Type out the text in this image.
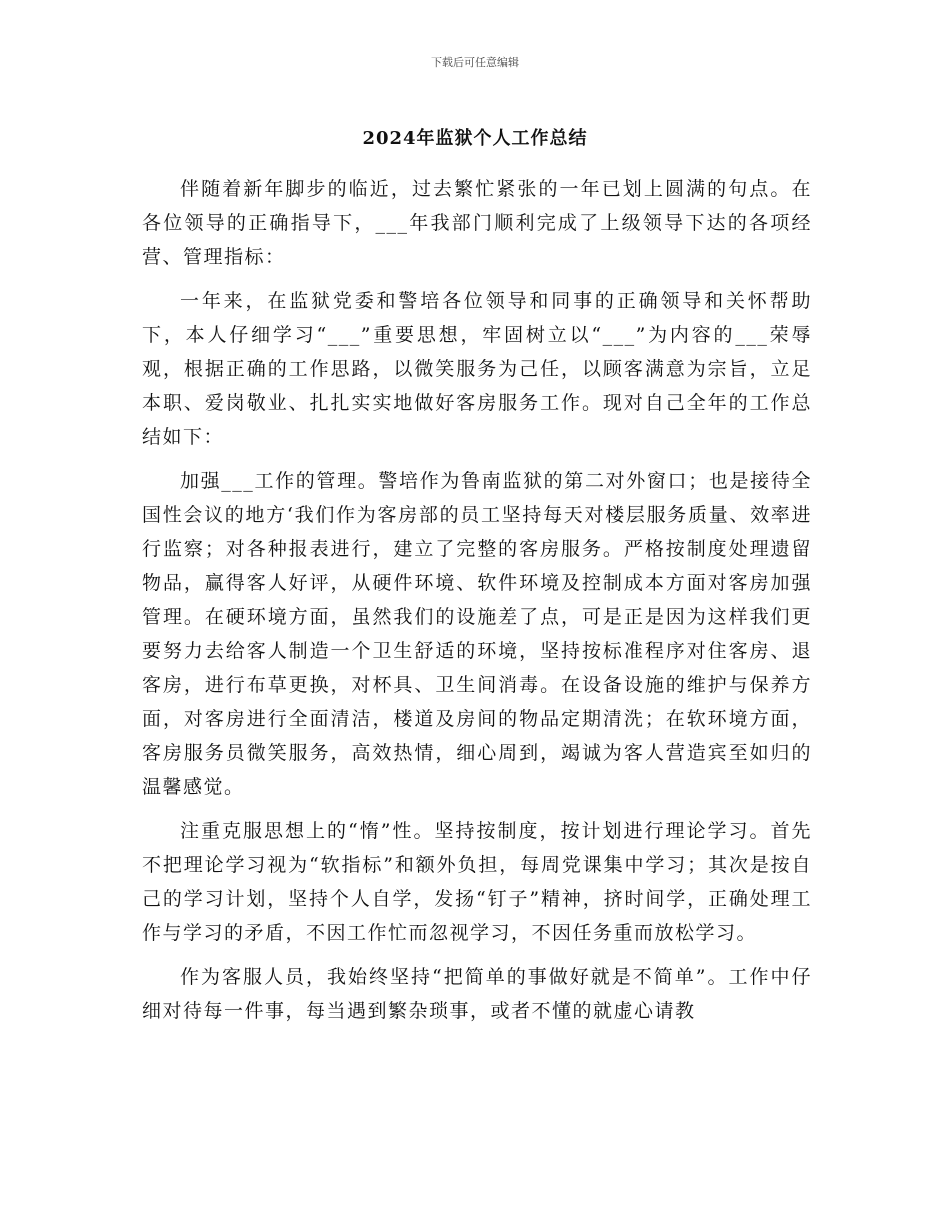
下载后可任意编辑
2024年监狱个人工作总结

伴随着新年脚步的临近，过去繁忙紧张的一年已划上圆满的句点。在各位领导的正确指导下，___年我部门顺利完成了上级领导下达的各项经营、管理指标：

一年来，在监狱党委和警培各位领导和同事的正确领导和关怀帮助下，本人仔细学习“___”重要思想，牢固树立以“___”为内容的___荣辱观，根据正确的工作思路，以微笑服务为己任，以顾客满意为宗旨，立足本职、爱岗敬业、扎扎实实地做好客房服务工作。现对自己全年的工作总结如下：

加强___工作的管理。警培作为鲁南监狱的第二对外窗口；也是接待全国性会议的地方‘我们作为客房部的员工坚持每天对楼层服务质量、效率进行监察；对各种报表进行，建立了完整的客房服务。严格按制度处理遗留物品，赢得客人好评，从硬件环境、软件环境及控制成本方面对客房加强管理。在硬环境方面，虽然我们的设施差了点，可是正是因为这样我们更要努力去给客人制造一个卫生舒适的环境，坚持按标准程序对住客房、退客房，进行布草更换，对杯具、卫生间消毒。在设备设施的维护与保养方面，对客房进行全面清洁，楼道及房间的物品定期清洗；在软环境方面，客房服务员微笑服务，高效热情，细心周到，竭诚为客人营造宾至如归的温馨感觉。

注重克服思想上的“惰”性。坚持按制度，按计划进行理论学习。首先不把理论学习视为“软指标”和额外负担，每周党课集中学习；其次是按自己的学习计划，坚持个人自学，发扬“钉子”精神，挤时间学，正确处理工作与学习的矛盾，不因工作忙而忽视学习，不因任务重而放松学习。

作为客服人员，我始终坚持“把简单的事做好就是不简单”。工作中仔细对待每一件事，每当遇到繁杂琐事，或者不懂的就虚心请教
